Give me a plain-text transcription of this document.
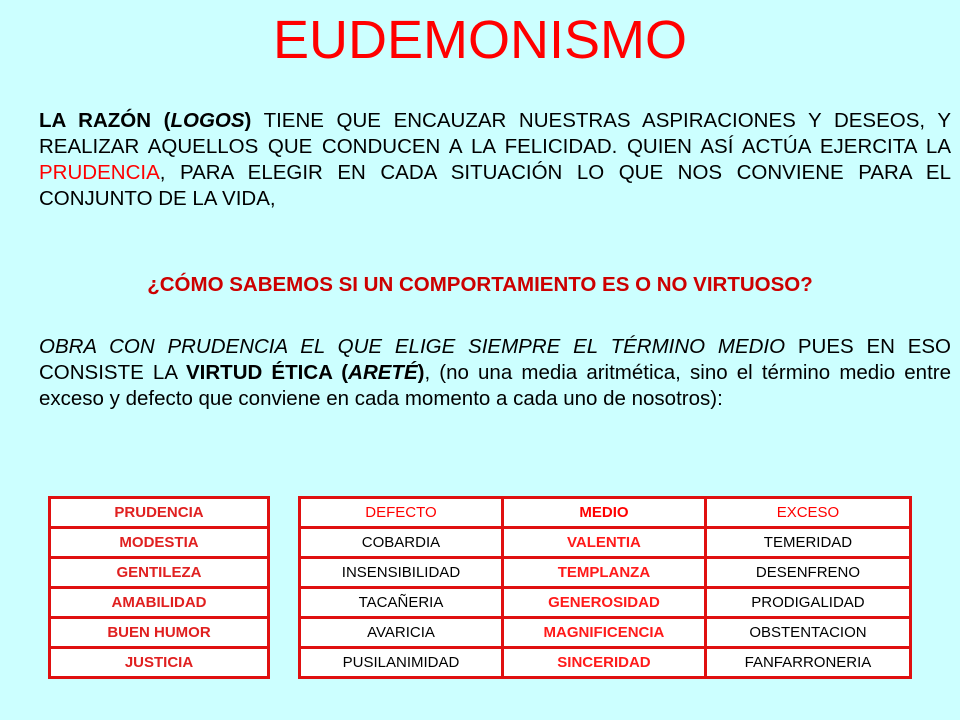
EUDEMONISMO

LA RAZÓN (LOGOS) TIENE QUE ENCAUZAR NUESTRAS ASPIRACIONES Y DESEOS, Y REALIZAR AQUELLOS QUE CONDUCEN A LA FELICIDAD. QUIEN ASÍ ACTÚA EJERCITA LA PRUDENCIA, PARA ELEGIR EN CADA SITUACIÓN LO QUE NOS CONVIENE PARA EL CONJUNTO DE LA VIDA,

¿CÓMO SABEMOS SI UN COMPORTAMIENTO ES O NO VIRTUOSO?

OBRA CON PRUDENCIA EL QUE ELIGE SIEMPRE EL TÉRMINO MEDIO PUES EN ESO CONSISTE LA VIRTUD ÉTICA (ARETÉ), (no una media aritmética, sino el término medio entre exceso y defecto que conviene en cada momento a cada uno de nosotros):

PRUDENCIA
MODESTIA
GENTILEZA
AMABILIDAD
BUEN HUMOR
JUSTICIA
DEFECTO	MEDIO	EXCESO
COBARDIA	VALENTIA	TEMERIDAD
INSENSIBILIDAD	TEMPLANZA	DESENFRENO
TACAÑERIA	GENEROSIDAD	PRODIGALIDAD
AVARICIA	MAGNIFICENCIA	OBSTENTACION
PUSILANIMIDAD	SINCERIDAD	FANFARRONERIA
